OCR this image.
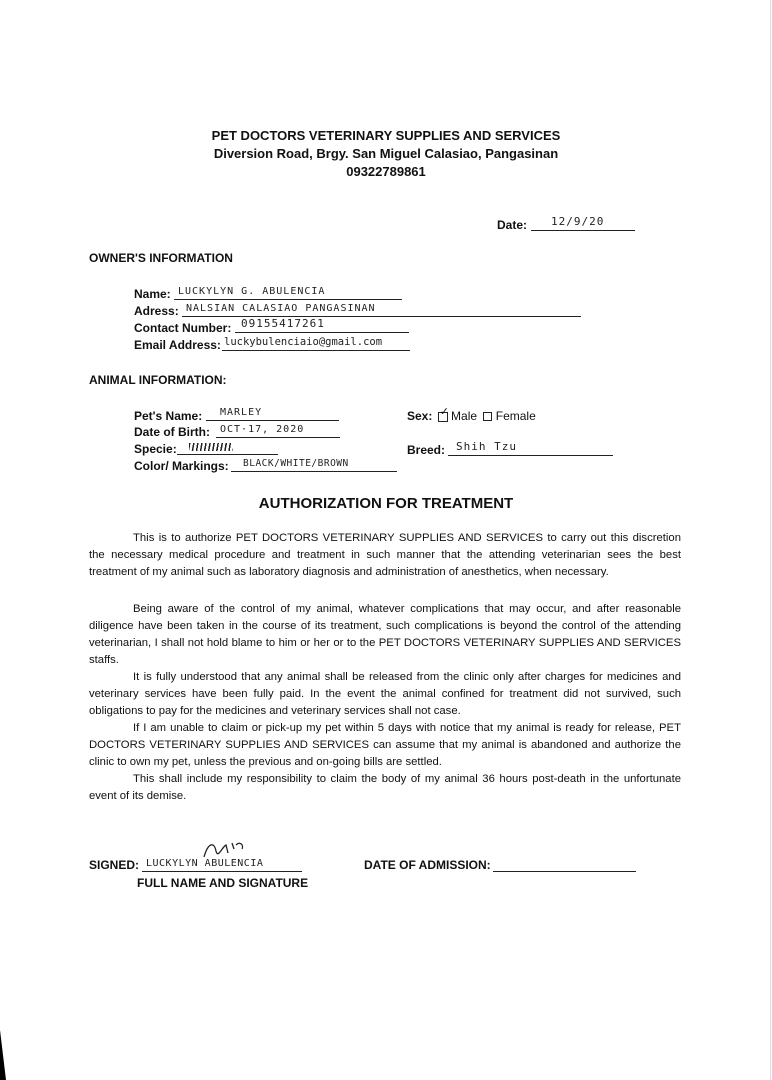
PET DOCTORS VETERINARY SUPPLIES AND SERVICES
Diversion Road, Brgy. San Miguel Calasiao, Pangasinan
09322789861
Date: 12/9/20
OWNER'S INFORMATION
Name: LUCKYLYN G. ABULENCIA
Adress: NALSIAN CALASIAO PANGASINAN
Contact Number: 09155417261
Email Address: luckybulenciaio@gmail.com
ANIMAL INFORMATION:
Pet's Name: MARLEY
Date of Birth: OCT·17, 2020
Specie:
Color/ Markings: BLACK/WHITE/BROWN
Sex: ✓ Male Female
Breed: Shih Tzu
AUTHORIZATION FOR TREATMENT

This is to authorize PET DOCTORS VETERINARY SUPPLIES AND SERVICES to carry out this discretion the necessary medical procedure and treatment in such manner that the attending veterinarian sees the best treatment of my animal such as laboratory diagnosis and administration of anesthetics, when necessary.

Being aware of the control of my animal, whatever complications that may occur, and after reasonable diligence have been taken in the course of its treatment, such complications is beyond the control of the attending veterinarian, I shall not hold blame to him or her or to the PET DOCTORS VETERINARY SUPPLIES AND SERVICES staffs.

It is fully understood that any animal shall be released from the clinic only after charges for medicines and veterinary services have been fully paid. In the event the animal confined for treatment did not survived, such obligations to pay for the medicines and veterinary services shall not case.

If I am unable to claim or pick-up my pet within 5 days with notice that my animal is ready for release, PET DOCTORS VETERINARY SUPPLIES AND SERVICES can assume that my animal is abandoned and authorize the clinic to own my pet, unless the previous and on-going bills are settled.

This shall include my responsibility to claim the body of my animal 36 hours post-death in the unfortunate event of its demise.

SIGNED: LUCKYLYN ABULENCIA
FULL NAME AND SIGNATURE
DATE OF ADMISSION:
